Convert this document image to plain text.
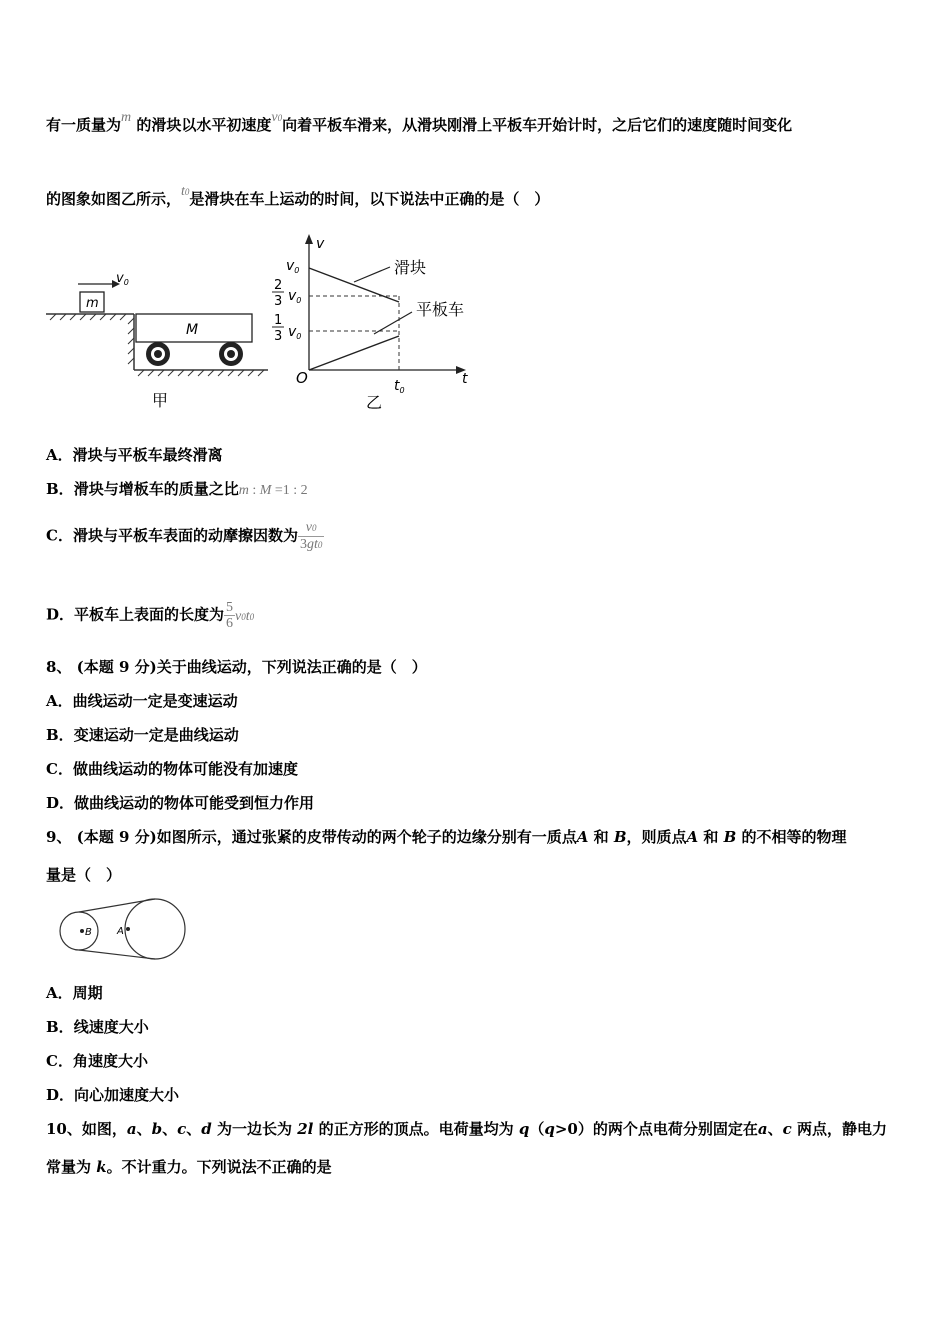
有一质量为m 的滑块以水平初速度v0向着平板车滑来，从滑块刚滑上平板车开始计时，之后它们的速度随时间变化
的图象如图乙所示，t0是滑块在车上运动的时间，以下说法中正确的是（　）
m
$v_0$
M
甲
v
t
O
$v_0$
2
3 $v_0$
1
3 $v_0$
滑块
平板车
$t_0$
乙
A．滑块与平板车最终滑离
B．滑块与增板车的质量之比m : M =1 : 2
C．滑块与平板车表面的动摩擦因数为 $\frac{v0}{3gt0}$
D．平板车上表面的长度为 $\frac{5}{6} v0t0$
8、 (本题 9 分)关于曲线运动，下列说法正确的是（　）
A．曲线运动一定是变速运动
B．变速运动一定是曲线运动
C．做曲线运动的物体可能没有加速度
D．做曲线运动的物体可能受到恒力作用
9、 (本题 9 分)如图所示，通过张紧的皮带传动的两个轮子的边缘分别有一质点A 和 B，则质点A 和 B 的不相等的物理
量是（　）
B	A
A．周期
B．线速度大小
C．角速度大小
D．向心加速度大小
10、如图，a、b、c、d 为一边长为 2l 的正方形的顶点。电荷量均为 q（q>0）的两个点电荷分别固定在a、c 两点，静电力
常量为 k。不计重力。下列说法不正确的是
